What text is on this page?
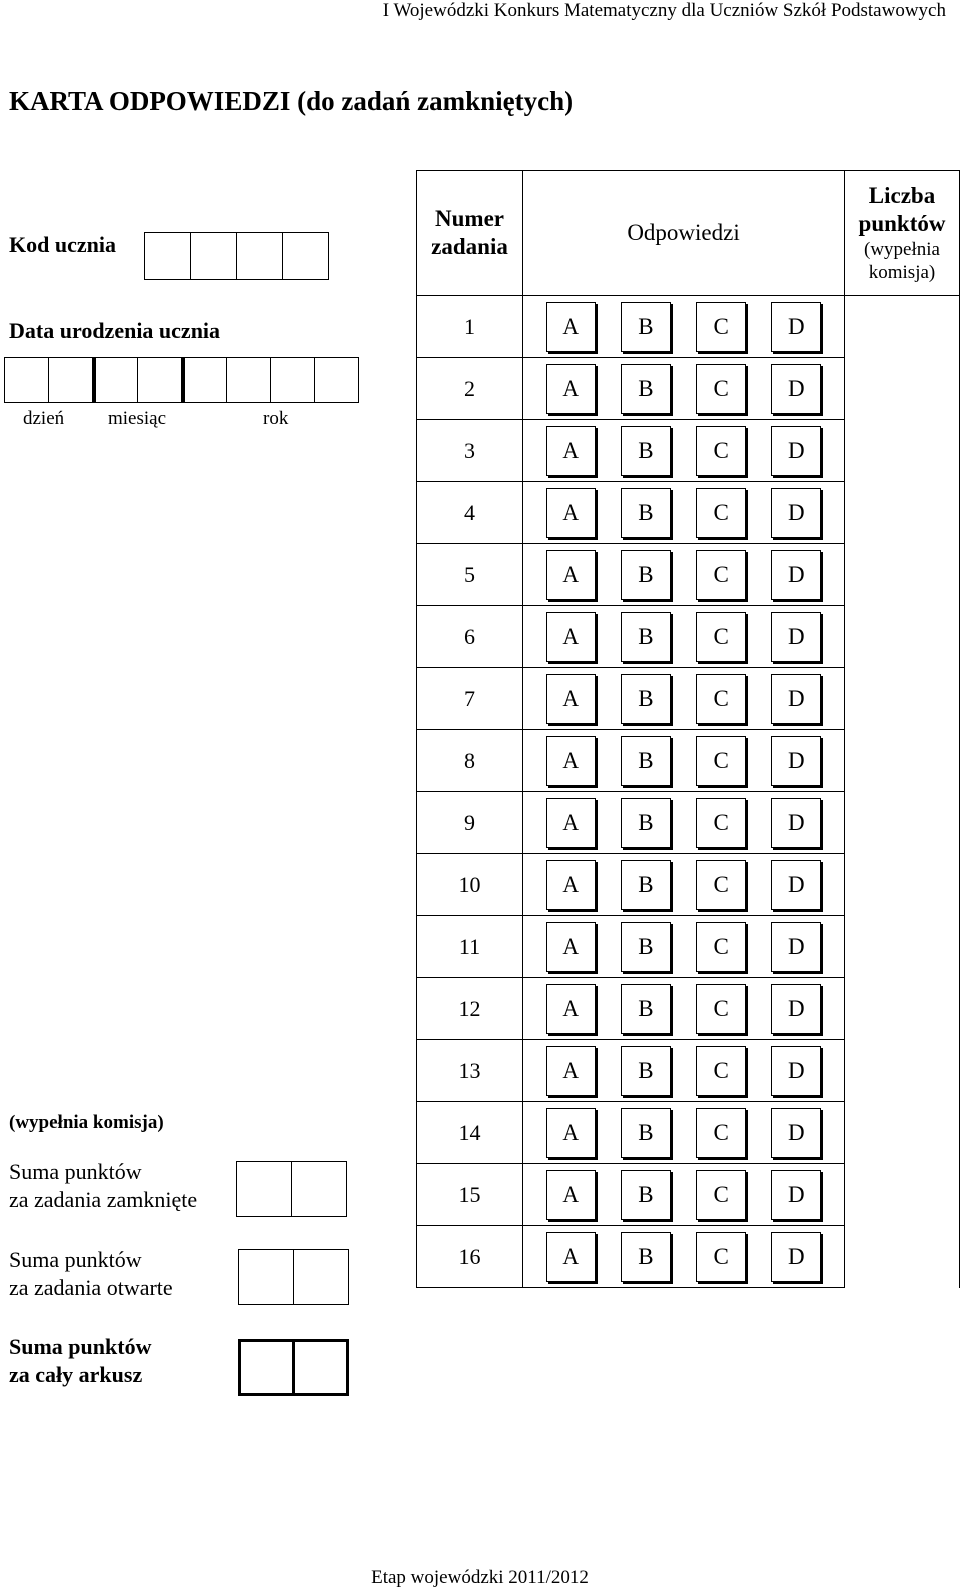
I Wojewódzki Konkurs Matematyczny dla Uczniów Szkół Podstawowych
KARTA ODPOWIEDZI (do zadań zamkniętych)
Kod ucznia
Data urodzenia ucznia
dzień miesiąc	rok
Numer zadania	Odpowiedzi	Liczba punktów
(wypełnia komisja)

1	A B C D	

2	A B C D	

3	A B C D	

4	A B C D	

5	A B C D	

6	A B C D	

7	A B C D	

8	A B C D	

9	A B C D	

10	A B C D	

11	A B C D	

12	A B C D	

13	A B C D	

14	A B C D	

15	A B C D	

16	A B C D	
(wypełnia komisja)
Suma punktów
za zadania zamknięte
Suma punktów
za zadania otwarte
Suma punktów
za cały arkusz
Etap wojewódzki 2011/2012
